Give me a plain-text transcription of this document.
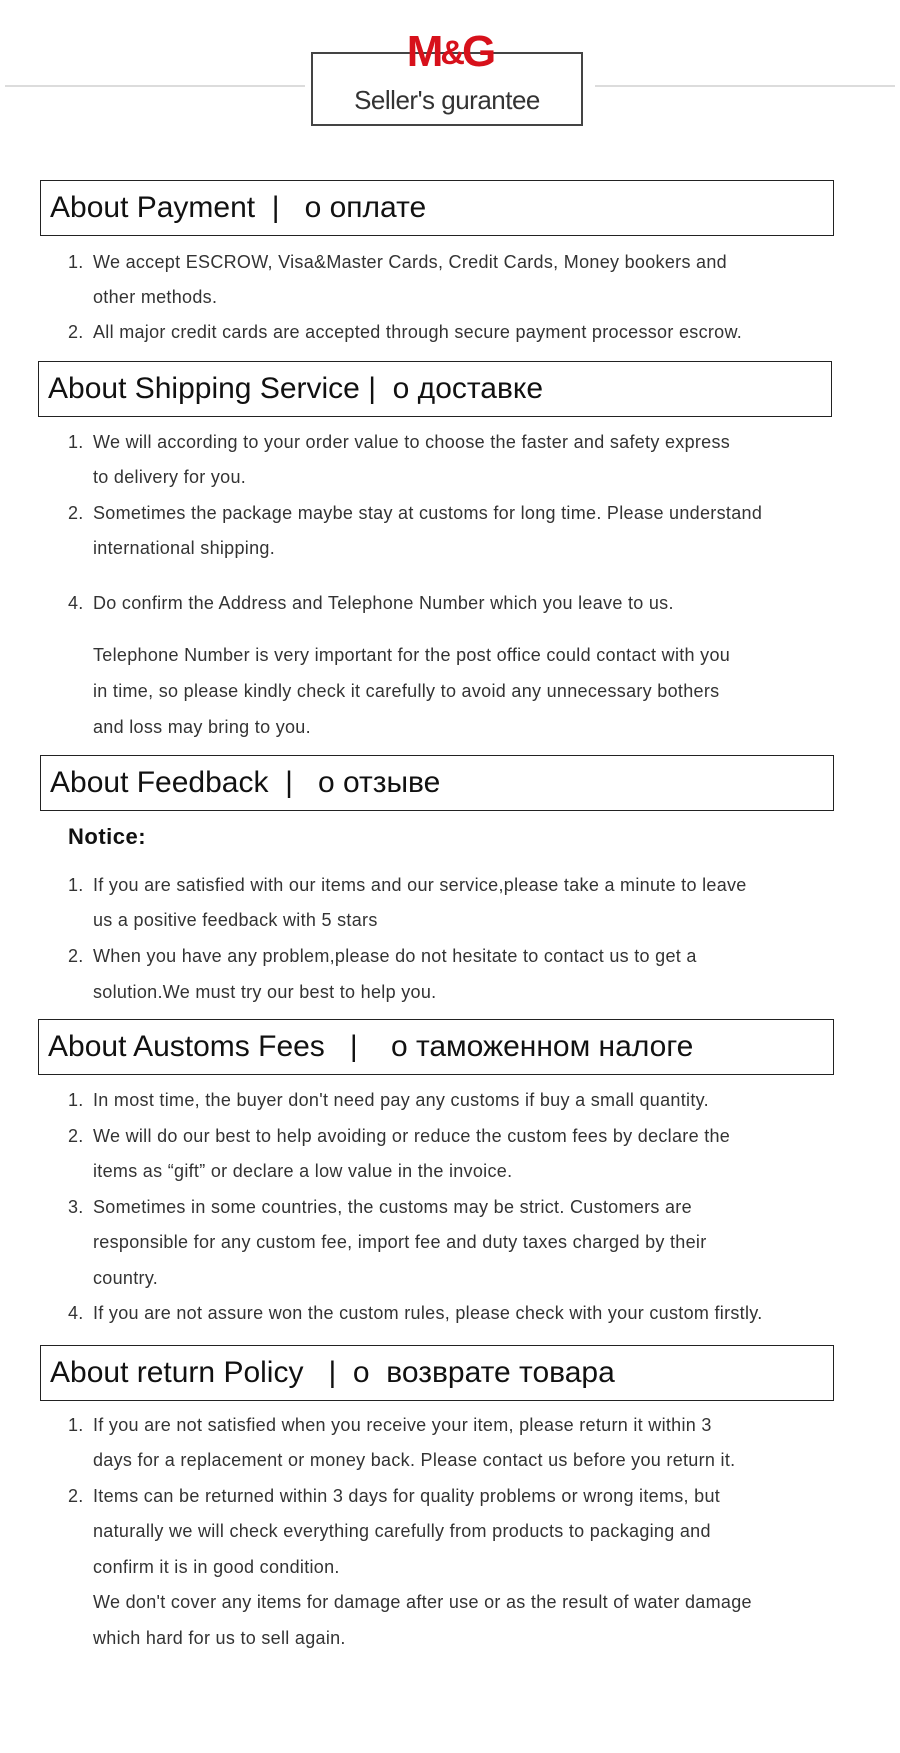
M&G
Seller's gurantee
About Payment  |   о оплате
1. We accept ESCROW, Visa&Master Cards, Credit Cards, Money bookers and
other methods.
2. All major credit cards are accepted through secure payment processor escrow.
About Shipping Service |  о доставке
1. We will according to your order value to choose the faster and safety express
to delivery for you.
2. Sometimes the package maybe stay at customs for long time. Please understand
international shipping.
4. Do confirm the Address and Telephone Number which you leave to us.
Telephone Number is very important for the post office could contact with you
in time, so please kindly check it carefully to avoid any unnecessary bothers
and loss may bring to you.
About Feedback  |   о отзыве
Notice:
1. If you are satisfied with our items and our service,please take a minute to leave
us a positive feedback with 5 stars
2. When you have any problem,please do not hesitate to contact us to get a
solution.We must try our best to help you.
About Austoms Fees   |    о таможенном налоге
1. In most time, the buyer don't need pay any customs if buy a small quantity.
2. We will do our best to help avoiding or reduce the custom fees by declare the
items as “gift” or declare a low value in the invoice.
3. Sometimes in some countries, the customs may be strict. Customers are
responsible for any custom fee, import fee and duty taxes charged by their
country.
4. If you are not assure won the custom rules, please check with your custom firstly.
About return Policy   |  о  возврате товара
1. If you are not satisfied when you receive your item, please return it within 3
days for a replacement or money back. Please contact us before you return it.
2. Items can be returned within 3 days for quality problems or wrong items, but
naturally we will check everything carefully from products to packaging and
confirm it is in good condition.
We don't cover any items for damage after use or as the result of water damage
which hard for us to sell again.
